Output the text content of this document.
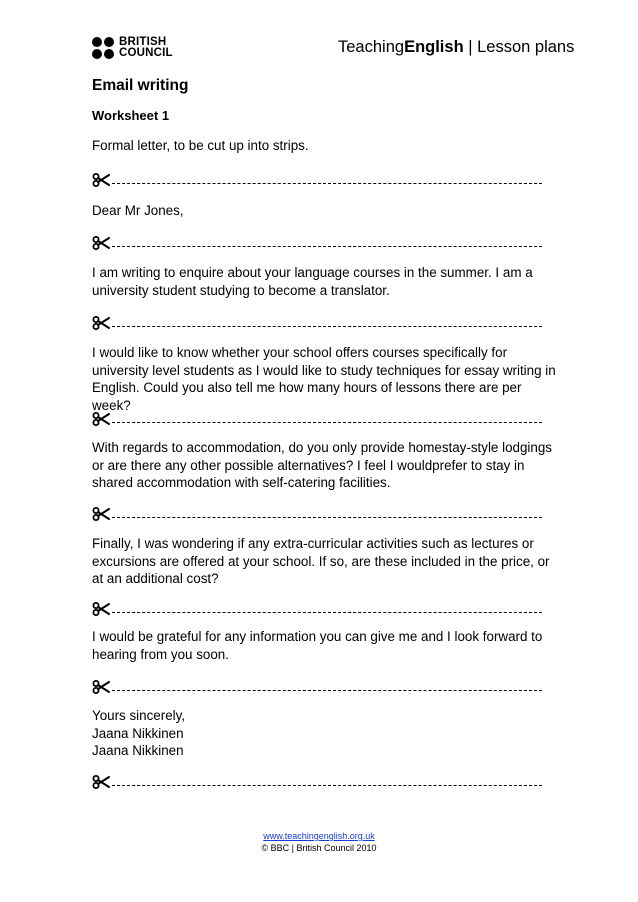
BRITISH
COUNCIL	TeachingEnglish | Lesson plans
Email writing
Worksheet 1
Formal letter, to be cut up into strips.
Dear Mr Jones,
I am writing to enquire about your language courses in the summer. I am a university student studying to become a translator.
I would like to know whether your school offers courses specifically for university level students as I would like to study techniques for essay writing in English. Could you also tell me how many hours of lessons there are per week?
With regards to accommodation, do you only provide homestay-style lodgings or are there any other possible alternatives? I feel I wouldprefer to stay in shared accommodation with self-catering facilities.
Finally, I was wondering if any extra-curricular activities such as lectures or excursions are offered at your school. If so, are these included in the price, or at an additional cost?
I would be grateful for any information you can give me and I look forward to hearing from you soon.
Yours sincerely,
Jaana Nikkinen
Jaana Nikkinen
www.teachingenglish.org.uk
© BBC | British Council 2010
